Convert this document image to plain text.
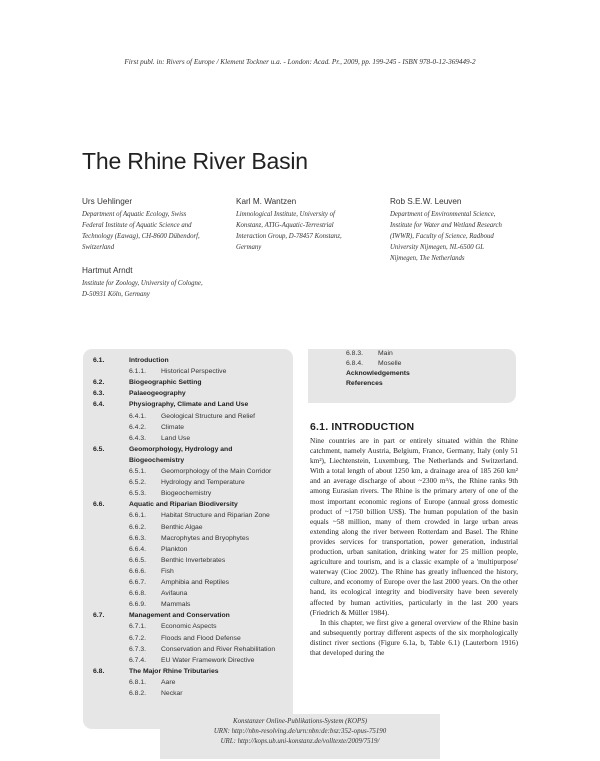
First publ. in: Rivers of Europe / Klement Tockner u.a. - London: Acad. Pr., 2009, pp. 199-245 - ISBN 978-0-12-369449-2
The Rhine River Basin
Urs Uehlinger
Department of Aquatic Ecology, Swiss
Federal Institute of Aquatic Science and
Technology (Eawag), CH-8600 Dübendorf,
Switzerland
Karl M. Wantzen
Limnological Institute, University of
Konstanz, ATIG-Aquatic-Terrestrial
Interaction Group, D-78457 Konstanz,
Germany
Rob S.E.W. Leuven
Department of Environmental Science,
Institute for Water and Wetland Research
(IWWR), Faculty of Science, Radboud
University Nijmegen, NL-6500 GL
Nijmegen, The Netherlands
Hartmut Arndt
Institute for Zoology, University of Cologne,
D-50931 Köln, Germany
6.1.	Introduction
6.1.1. Historical Perspective
6.2.	Biogeographic Setting
6.3.	Palaeogeography
6.4.	Physiography, Climate and Land Use
6.4.1. Geological Structure and Relief
6.4.2. Climate
6.4.3. Land Use
6.5.	Geomorphology, Hydrology and
Biogeochemistry
6.5.1. Geomorphology of the Main Corridor
6.5.2. Hydrology and Temperature
6.5.3. Biogeochemistry
6.6.	Aquatic and Riparian Biodiversity
6.6.1. Habitat Structure and Riparian Zone
6.6.2. Benthic Algae
6.6.3. Macrophytes and Bryophytes
6.6.4. Plankton
6.6.5. Benthic Invertebrates
6.6.6. Fish
6.6.7. Amphibia and Reptiles
6.6.8. Avifauna
6.6.9. Mammals
6.7.	Management and Conservation
6.7.1. Economic Aspects
6.7.2. Floods and Flood Defense
6.7.3. Conservation and River Rehabilitation
6.7.4. EU Water Framework Directive
6.8.	The Major Rhine Tributaries
6.8.1. Aare
6.8.2. Neckar
6.8.3. Main
6.8.4. Moselle
Acknowledgements
References
6.1. INTRODUCTION

Nine countries are in part or entirely situated within the Rhine catchment, namely Austria, Belgium, France, Germany, Italy (only 51 km²), Liechtenstein, Luxemburg, The Netherlands and Switzerland. With a total length of about 1250 km, a drainage area of 185 260 km² and an average discharge of about ~2300 m³/s, the Rhine ranks 9th among Eurasian rivers. The Rhine is the primary artery of one of the most important economic regions of Europe (annual gross domestic product of ~1750 billion US$). The human population of the basin equals ~58 million, many of them crowded in large urban areas extending along the river between Rotterdam and Basel. The Rhine provides services for transportation, power generation, industrial production, urban sanitation, drinking water for 25 million people, agriculture and tourism, and is a classic example of a 'multipurpose' waterway (Cioc 2002). The Rhine has greatly influenced the history, culture, and economy of Europe over the last 2000 years. On the other hand, its ecological integrity and biodiversity have been severely affected by human activities, particularly in the last 200 years (Friedrich & Müller 1984).

In this chapter, we first give a general overview of the Rhine basin and subsequently portray different aspects of the six morphologically distinct river sections (Figure 6.1a, b, Table 6.1) (Lauterborn 1916) that developed during the

Konstanzer Online-Publikations-System (KOPS)
URN: http://nbn-resolving.de/urn:nbn:de:bsz:352-opus-75190
URL: http://kops.ub.uni-konstanz.de/volltexte/2009/7519/
